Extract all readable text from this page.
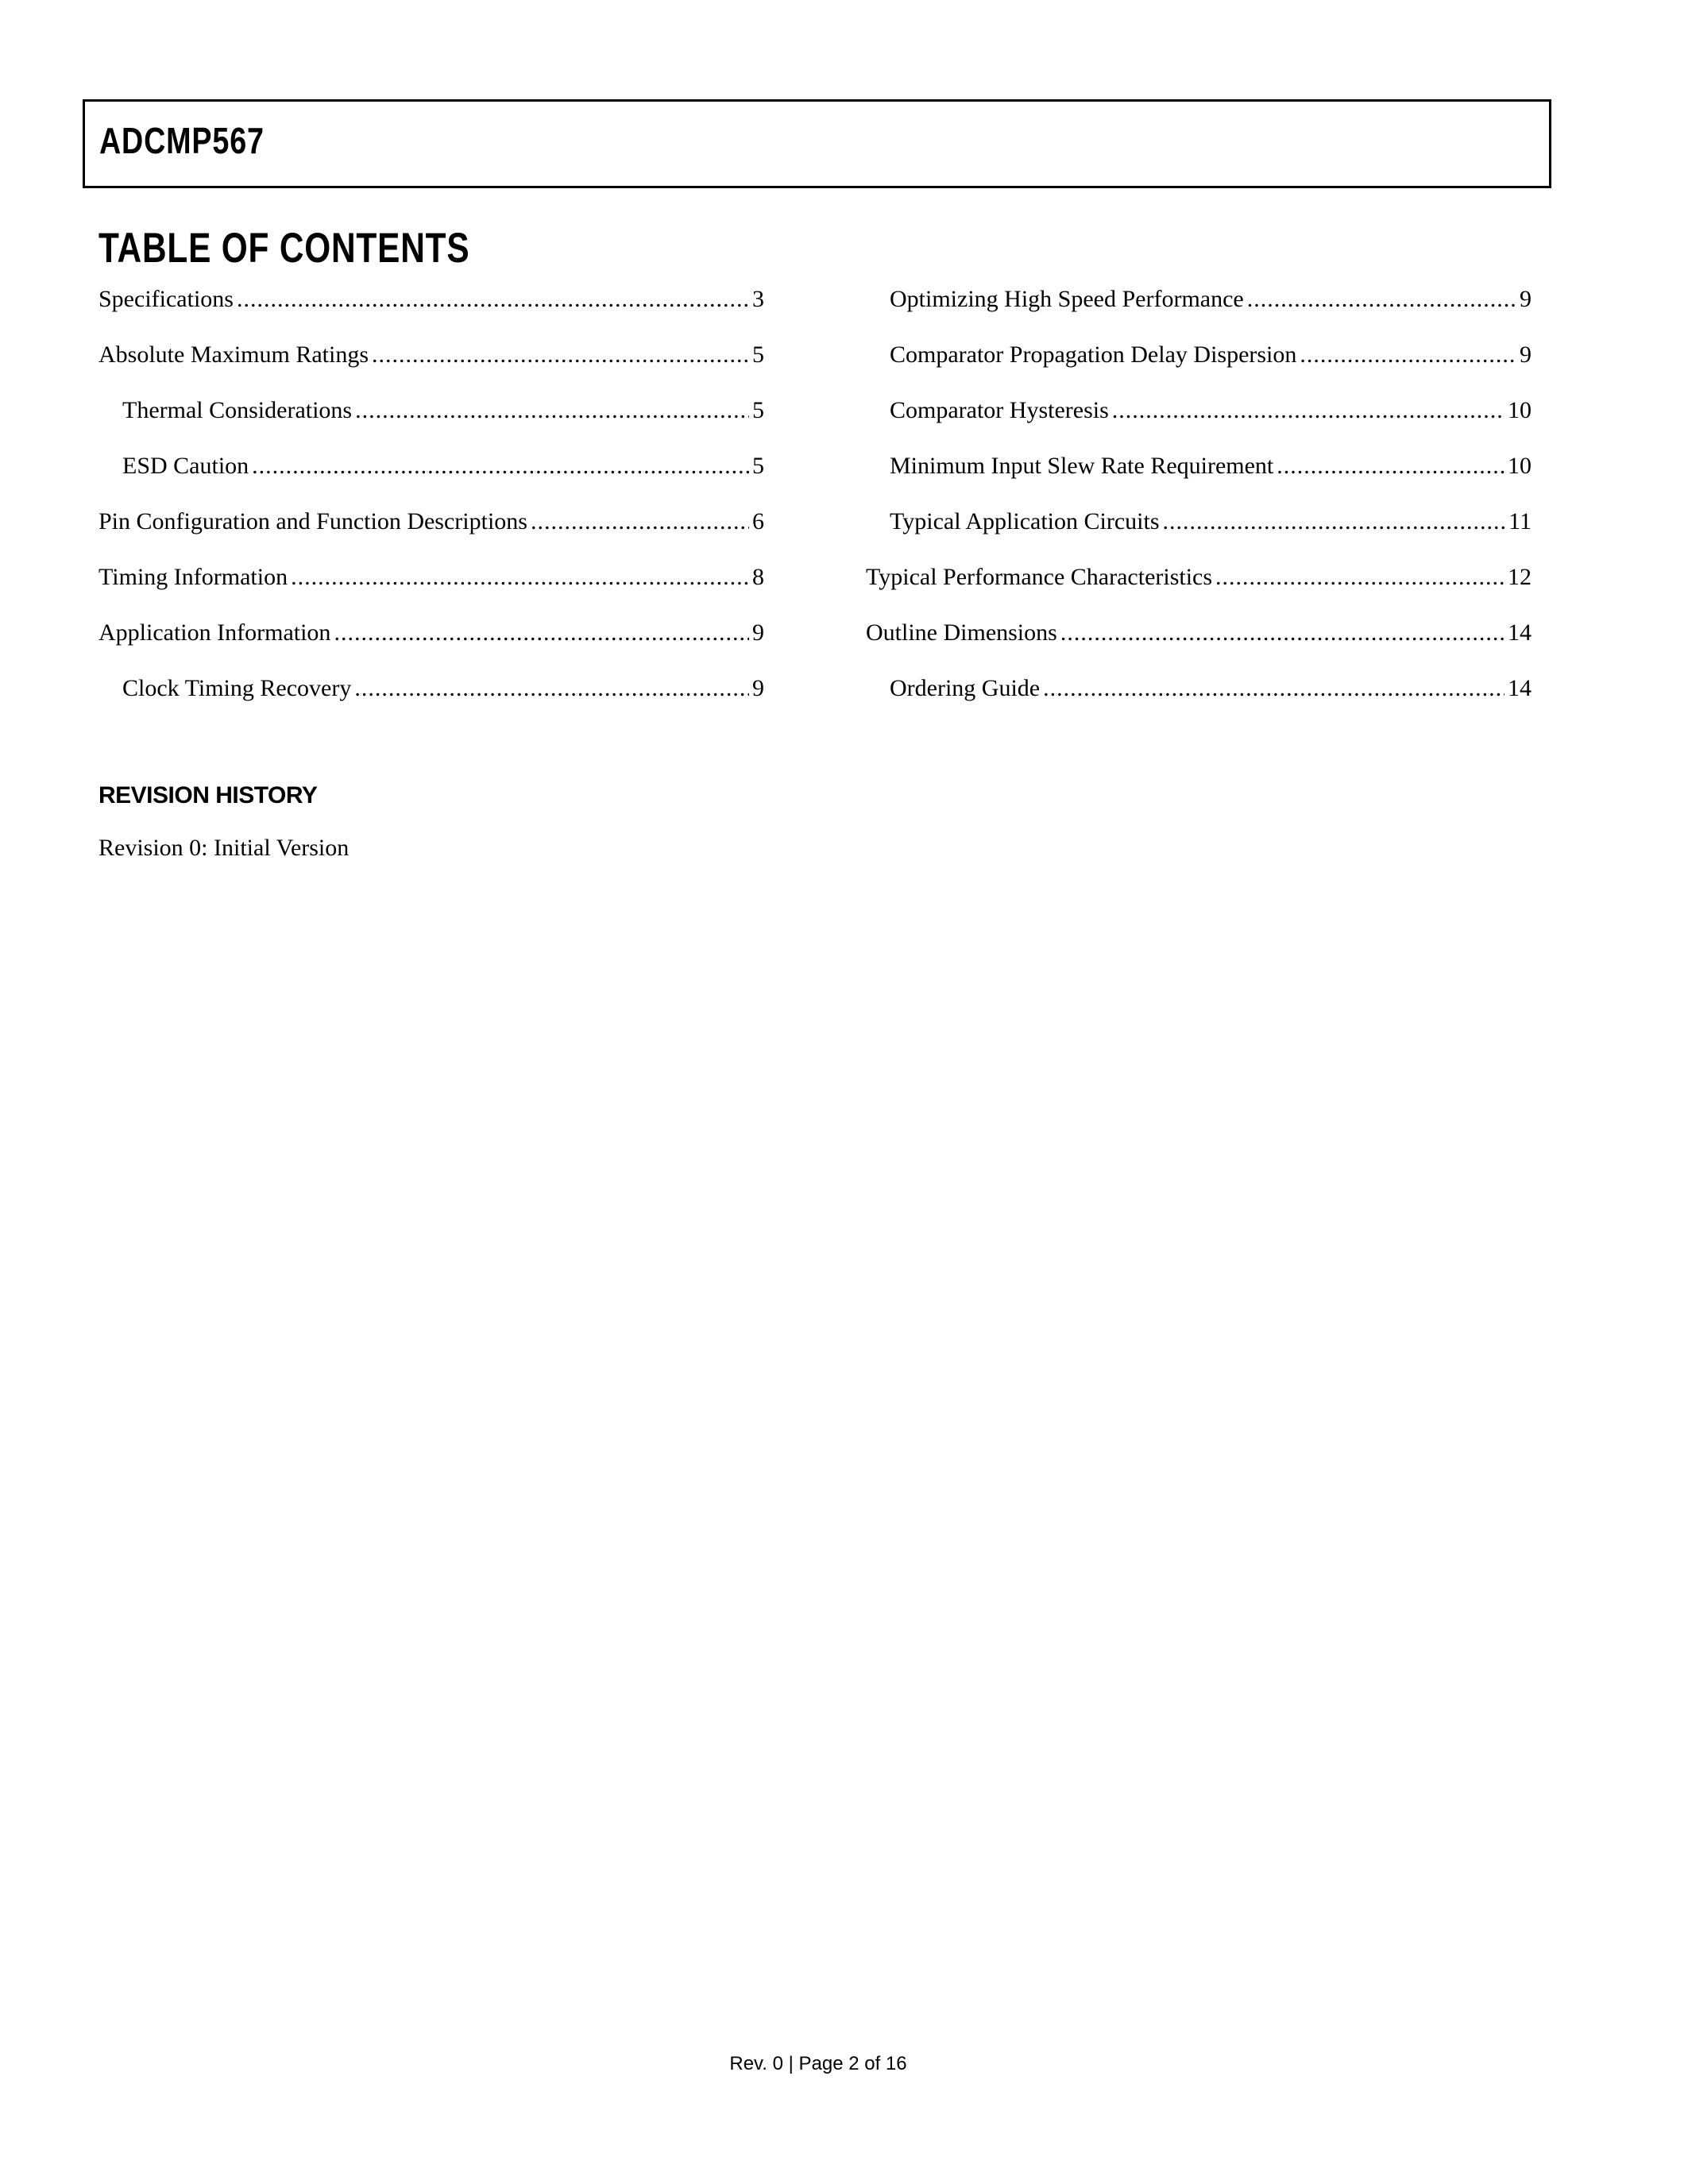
ADCMP567
TABLE OF CONTENTS
Specifications .....	3
Absolute Maximum Ratings .....	5
Thermal Considerations .....	5
ESD Caution .....	5
Pin Configuration and Function Descriptions .....	6
Timing Information .....	8
Application Information .....	9
Clock Timing Recovery .....	9
Optimizing High Speed Performance .....	9
Comparator Propagation Delay Dispersion .....	9
Comparator Hysteresis .....	10
Minimum Input Slew Rate Requirement .....	10
Typical Application Circuits .....	11
Typical Performance Characteristics .....	12
Outline Dimensions .....	14
Ordering Guide .....	14
REVISION HISTORY
Revision 0: Initial Version
Rev. 0 | Page 2 of 16
